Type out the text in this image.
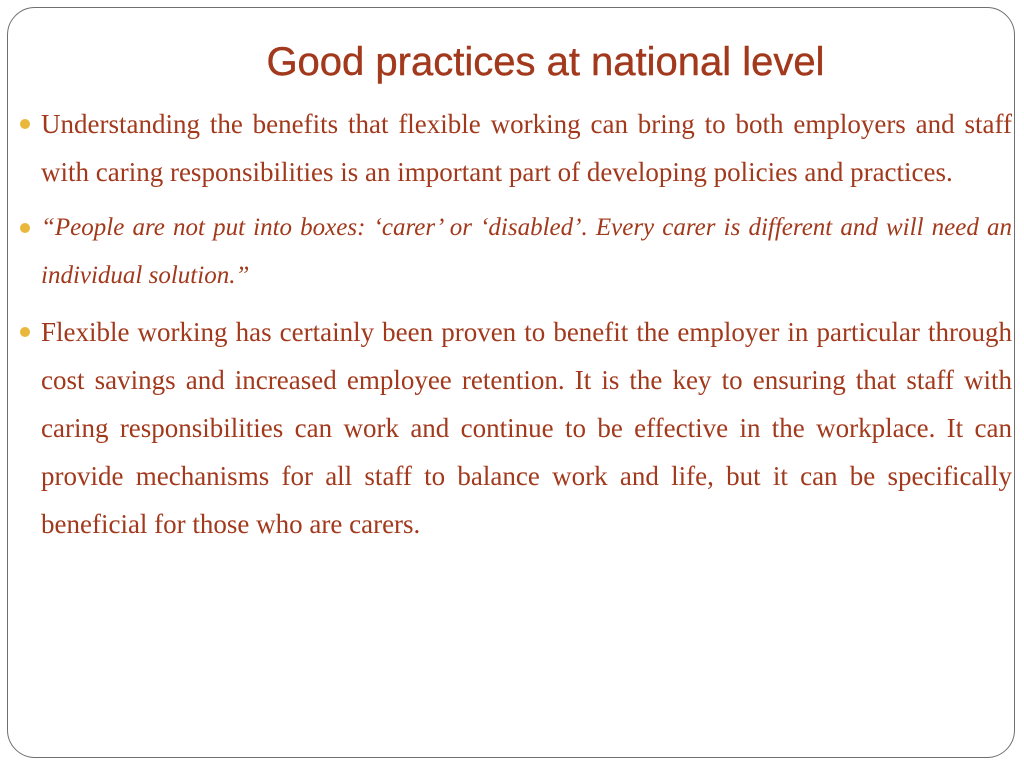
Good practices at national level
Understanding the benefits that flexible working can bring to both employers and staff with caring responsibilities is an important part of developing policies and practices.
“People are not put into boxes: ‘carer’ or ‘disabled’. Every carer is different and will need an individual solution.”
Flexible working has certainly been proven to benefit the employer in particular through cost savings and increased employee retention. It is the key to ensuring that staff with caring responsibilities can work and continue to be effective in the workplace. It can provide mechanisms for all staff to balance work and life, but it can be specifically beneficial for those who are carers.
